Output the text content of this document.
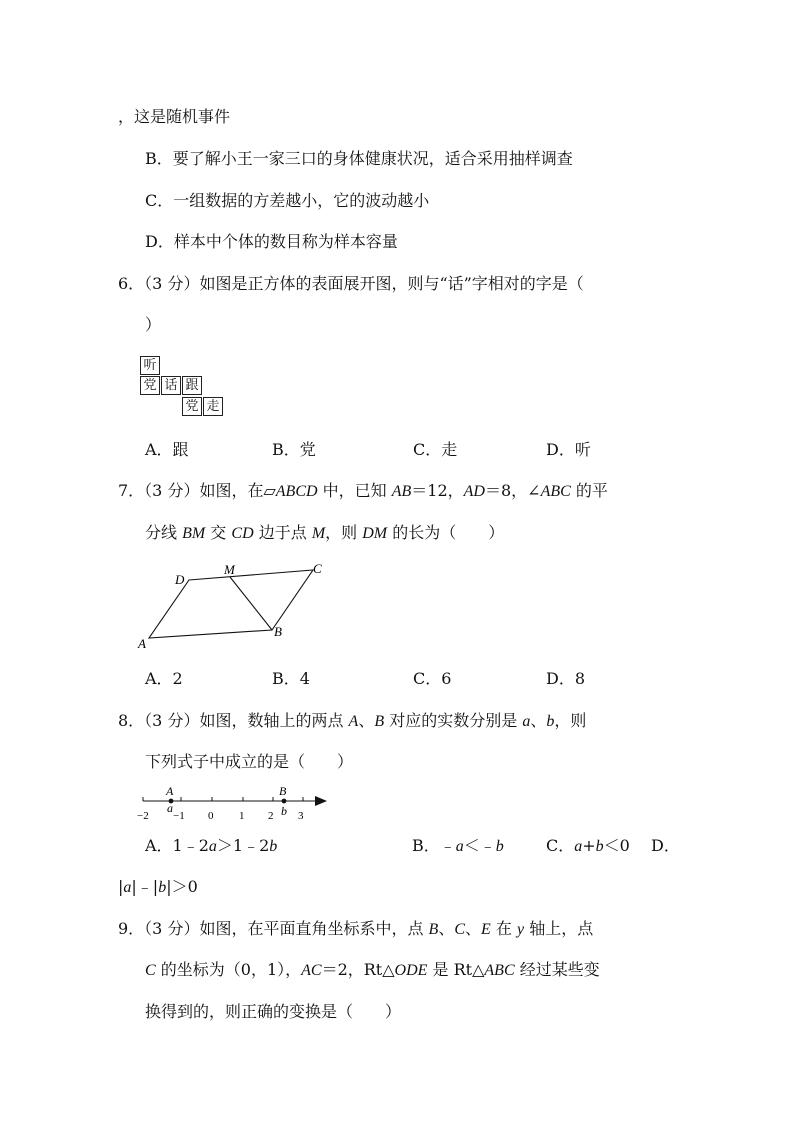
，这是随机事件
B．要了解小王一家三口的身体健康状况，适合采用抽样调查
C．一组数据的方差越小，它的波动越小
D．样本中个体的数目称为样本容量
6．（3 分）如图是正方体的表面展开图，则与“话”字相对的字是（
）
听
党 话 跟
党 走
A．跟	B．党	C．走	D．听
7．（3 分）如图，在▱ABCD 中，已知 AB＝12，AD＝8，∠ABC 的平
分线 BM 交 CD 边于点 M，则 DM 的长为（　　）
D
M	C
A
B
A．2	B．4	C．6	D．8
8．（3 分）如图，数轴上的两点 A、B 对应的实数分别是 a、b，则
下列式子中成立的是（　　）
A	B
a	b
−2 −1 0 1 2 3
A．1﹣2a＞1﹣2b	B．﹣a＜﹣b	C．a+b＜0 D．
|a|﹣|b|＞0
9．（3 分）如图，在平面直角坐标系中，点 B、C、E 在 y 轴上，点
C 的坐标为（0，1），AC＝2，Rt△ODE 是 Rt△ABC 经过某些变
换得到的，则正确的变换是（　　）
